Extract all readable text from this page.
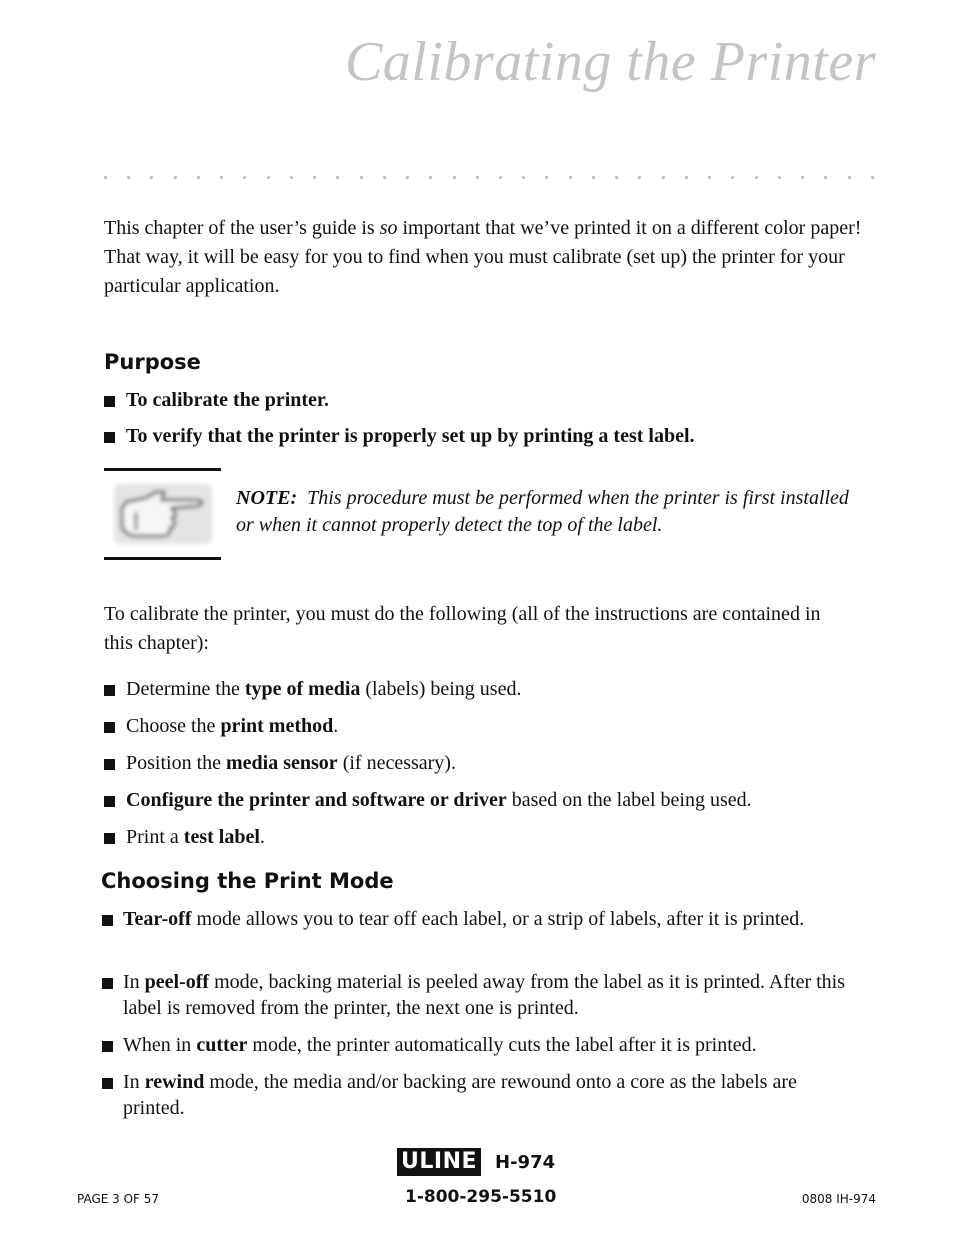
Calibrating the Printer
This chapter of the user’s guide is so important that we’ve printed it on a different color paper! That way, it will be easy for you to find when you must calibrate (set up) the printer for your particular application.
Purpose
To calibrate the printer.
To verify that the printer is properly set up by printing a test label.
NOTE: This procedure must be performed when the printer is first installed or when it cannot properly detect the top of the label.
To calibrate the printer, you must do the following (all of the instructions are contained in this chapter):
Determine the type of media (labels) being used.
Choose the print method.
Position the media sensor (if necessary).
Configure the printer and software or driver based on the label being used.
Print a test label.
Choosing the Print Mode
Tear-off mode allows you to tear off each label, or a strip of labels, after it is printed.
In peel-off mode, backing material is peeled away from the label as it is printed. After this label is removed from the printer, the next one is printed.
When in cutter mode, the printer automatically cuts the label after it is printed.
In rewind mode, the media and/or backing are rewound onto a core as the labels are printed.
ULINE H-974
1-800-295-5510
PAGE 3 OF 57	0808 IH-974
